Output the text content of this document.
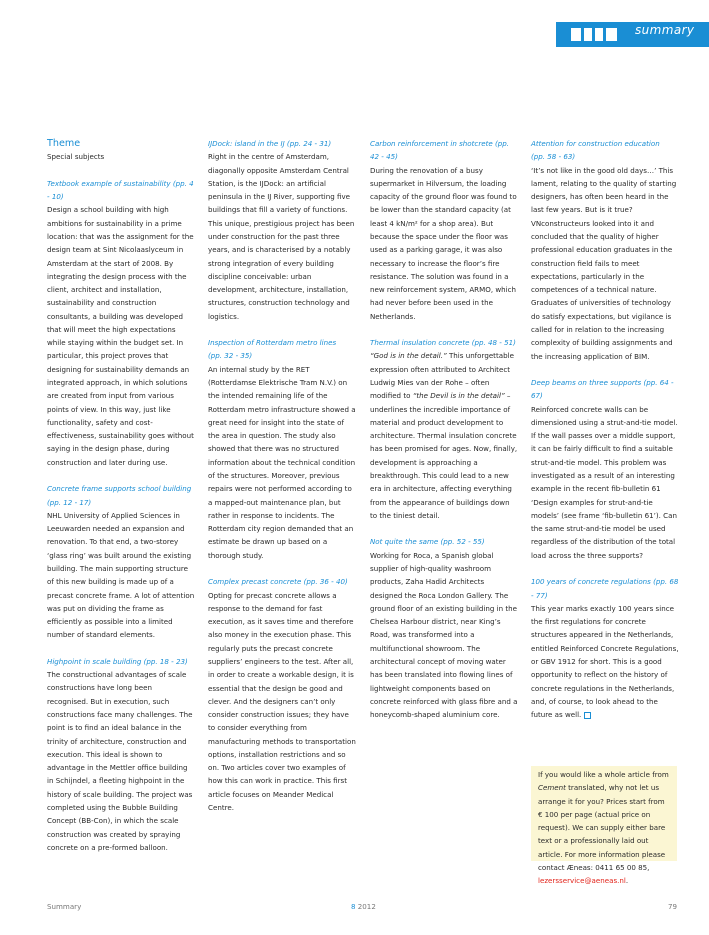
summary
Theme

Special subjects

Textbook example of sustainability (pp. 4 - 10)

Design a school building with high ambitions for sustainability in a prime location: that was the assignment for the design team at Sint Nicolaaslyceum in Amsterdam at the start of 2008. By integrating the design process with the client, architect and installation, sustainability and construction consultants, a building was developed that will meet the high expectations while staying within the budget set. In particular, this project proves that designing for sustainability demands an integrated approach, in which solutions are created from input from various points of view. In this way, just like functionality, safety and cost-effectiveness, sustainability goes without saying in the design phase, during construction and later during use.

Concrete frame supports school building
(pp. 12 - 17)

NHL University of Applied Sciences in Leeuwarden needed an expansion and renovation. To that end, a two-storey ‘glass ring’ was built around the existing building. The main supporting structure of this new building is made up of a precast concrete frame. A lot of attention was put on dividing the frame as efficiently as possible into a limited number of standard elements.

Highpoint in scale building (pp. 18 - 23)

The constructional advantages of scale constructions have long been recognised. But in execution, such constructions face many challenges. The point is to find an ideal balance in the trinity of architecture, construction and execution. This ideal is shown to advantage in the Mettler office building in Schijndel, a fleeting highpoint in the history of scale building. The project was completed using the Bubble Building Concept (BB-Con), in which the scale construction was created by spraying concrete on a pre-formed balloon.

IJDock: island in the IJ (pp. 24 - 31)

Right in the centre of Amsterdam, diagonally opposite Amsterdam Central Station, is the IJDock: an artificial peninsula in the IJ River, supporting five buildings that fill a variety of functions. This unique, prestigious project has been under construction for the past three years, and is characterised by a notably strong integration of every building discipline conceivable: urban development, architecture, installation, structures, construction technology and logistics.

Inspection of Rotterdam metro lines
(pp. 32 - 35)

An internal study by the RET (Rotterdamse Elektrische Tram N.V.) on the intended remaining life of the Rotterdam metro infrastructure showed a great need for insight into the state of the area in question. The study also showed that there was no structured information about the technical condition of the structures. Moreover, previous repairs were not performed according to a mapped-out maintenance plan, but rather in response to incidents. The Rotterdam city region demanded that an estimate be drawn up based on a thorough study.

Complex precast concrete (pp. 36 - 40)

Opting for precast concrete allows a response to the demand for fast execution, as it saves time and therefore also money in the execution phase. This regularly puts the precast concrete suppliers’ engineers to the test. After all, in order to create a workable design, it is essential that the design be good and clever. And the designers can’t only consider construction issues; they have to consider everything from manufacturing methods to transportation options, installation restrictions and so on. Two articles cover two examples of how this can work in practice. This first article focuses on Meander Medical Centre.

Carbon reinforcement in shotcrete (pp. 42 - 45)

During the renovation of a busy supermarket in Hilversum, the loading capacity of the ground floor was found to be lower than the standard capacity (at least 4 kN/m² for a shop area). But because the space under the floor was used as a parking garage, it was also necessary to increase the floor’s fire resistance. The solution was found in a new reinforcement system, ARMO, which had never before been used in the Netherlands.

Thermal insulation concrete (pp. 48 - 51)

“God is in the detail.” This unforgettable expression often attributed to Architect Ludwig Mies van der Rohe – often modified to “the Devil is in the detail” – underlines the incredible importance of material and product development to architecture. Thermal insulation concrete has been promised for ages. Now, finally, development is approaching a breakthrough. This could lead to a new era in architecture, affecting everything from the appearance of buildings down to the tiniest detail.

Not quite the same (pp. 52 - 55)

Working for Roca, a Spanish global supplier of high-quality washroom products, Zaha Hadid Architects designed the Roca London Gallery. The ground floor of an existing building in the Chelsea Harbour district, near King’s Road, was transformed into a multifunctional showroom. The architectural concept of moving water has been translated into flowing lines of lightweight components based on concrete reinforced with glass fibre and a honeycomb-shaped aluminium core.

Attention for construction education
(pp. 58 - 63)

‘It’s not like in the good old days…’ This lament, relating to the quality of starting designers, has often been heard in the last few years. But is it true? VNconstructeurs looked into it and concluded that the quality of higher professional education graduates in the construction field fails to meet expectations, particularly in the competences of a technical nature. Graduates of universities of technology do satisfy expectations, but vigilance is called for in relation to the increasing complexity of building assignments and the increasing application of BIM.

Deep beams on three supports (pp. 64 - 67)

Reinforced concrete walls can be dimensioned using a strut-and-tie model. If the wall passes over a middle support, it can be fairly difficult to find a suitable strut-and-tie model. This problem was investigated as a result of an interesting example in the recent fib-bulletin 61 ‘Design examples for strut-and-tie models’ (see frame ‘fib-bulletin 61’). Can the same strut-and-tie model be used regardless of the distribution of the total load across the three supports?

100 years of concrete regulations (pp. 68 - 77)

This year marks exactly 100 years since the first regulations for concrete structures appeared in the Netherlands, entitled Reinforced Concrete Regulations, or GBV 1912 for short. This is a good opportunity to reflect on the history of concrete regulations in the Netherlands, and, of course, to look ahead to the future as well.

If you would like a whole article from Cement translated, why not let us arrange it for you? Prices start from € 100 per page (actual price on request). We can supply either bare text or a professionally laid out article. For more information please contact Æneas: 0411 65 00 85, lezersservice@aeneas.nl.

Summary	8 2012	79
